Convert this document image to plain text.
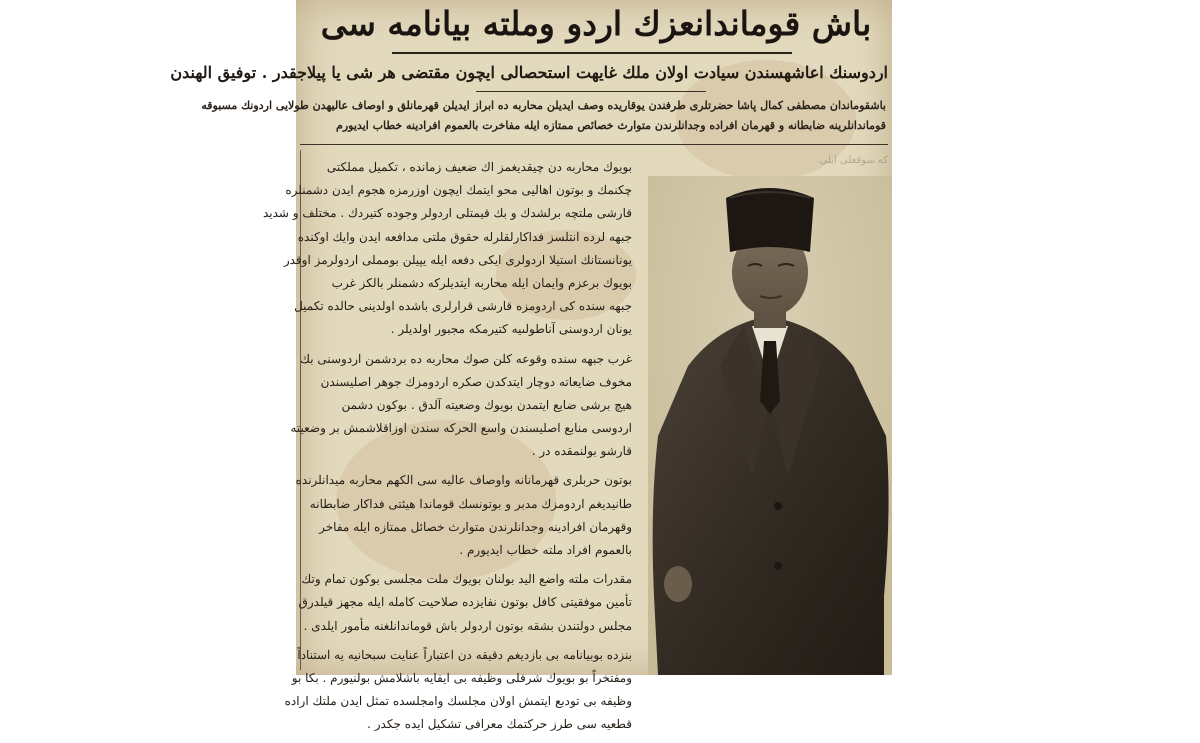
باش قوماندانعزك اردو وملته بيانامه سى
اردوسنك اعاشهسندن سيادت اولان ملك غايهت استحصالى ايچون مقتضى هر شى يا پيلاجقدر . توفيق الهندن
باشقوماندان مصطفى كمال پاشا حضرتلرى طرفندن يوقاريده وصف ايديلن محاربه ده ابراز ايديلن قهرمانلق و اوصاف عاليهدن طولايى اردونك مسبوقه
قوماندانلرينه ضابطانه و قهرمان افراده وجدانلرندن متوارث خصائص ممتازه ايله مفاخرت بالعموم افرادينه خطاب ايديورم
كه سوقعلى ايلى
بويوك محاربه دن چيقديغمز اك ضعيف زمانده ، تكميل مملكتى
چكنمك و بوتون اهاليى محو ايتمك ايچون اوزرمزه هجوم ايدن دشمنلره
قارشى ملتچه برلشدك و بك قيمتلى اردولر وجوده كتيردك . مختلف و شديد
جبهه لرده انتلسز فداكارلقلرله حقوق ملتى مدافعه ايدن وايك اوكنده
يونانستانك استيلا اردولرى ايكى دفعه ايله يپيلن بومملى اردولرمز اوقدر
بويوك برعزم وايمان ايله محاربه ايتديلركه دشمنلر بالكز غرب
جبهه سنده كى اردومزه قارشى قرارلرى باشده اولدينى حالده تكميل
يونان اردوسنى آناطولىيه كتيرمكه مجبور اولديلر .
غرب جبهه سنده وقوعه كلن صوك محاربه ده بردشمن اردوسنى بك
مخوف ضايعاته دوچار ايتدكدن صكره اردومزك جوهر اصليسندن
هيچ برشى ضايع ايتمدن بويوك وضعيته آلدق . بوكون دشمن
اردوسى منابع اصليسندن واسع الحركه سندن اوزاقلاشمش بر وضعيته
قارشو بولنمقده در .
بوتون حربلرى قهرمانانه واوصاف عاليه سى الكهم محاربه ميدانلرنده
طانيديغم اردومزك مدبر و بوتونسك قوماندا هيئتى فداكار ضابطانه
وقهرمان افرادينه وجدانلرندن متوارث خصائل ممتازه ايله مفاخر
بالعموم افراد ملته خطاب ايديورم .
مقدرات ملته واضع اليد بولنان بويوك ملت مجلسى بوكون تمام وتك
تأمين موفقيتى كافل بوتون نفايزده صلاحيت كامله ايله مجهز قيلدرق
مجلس دولتندن بشقه بوتون اردولر باش قوماندانلغنه مأمور ايلدى .
بنزده بوبيانامه بى بازديغم دقيقه دن اعتباراً عنايت سبحانيه يه استناداً
ومفتخراً بو بويوك شرفلى وظيفه بى ايفايه باشلامش بولنيورم . بكا بو
وظيفه بى تودبع ايتمش اولان مجلسك وامجلسده تمثل ايدن ملتك اراده
قطعيه سى طرز حركتمك معرافى تشكيل ايده جكدر .
